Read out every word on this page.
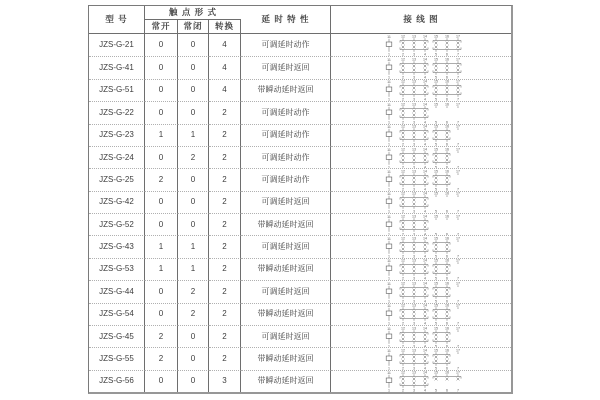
型 号
触 点 形 式
常开	常闭	转换
延 时 特 性	接 线 图
JZS-G-21	0	0	4	可调延时动作
11
1
12 13 14
2	3	4
15 16 17
5	6	7
JZS-G-41	0	0	4	可调延时返回
11
1
12 13 14
2	3	4
15 16 17
5	6	7
JZS-G-51	0	0	4	带瞬动延时返回
11
1
12 13 14
2	3	4
15 16 17
5	6	7
JZS-G-22	0	0	2	可调延时动作
11
1
12 13 14
2	3	4
15
5
16
6
17
7
JZS-G-23	1	1	2	可调延时动作
11
1
12 13 14
2	3	4
15 16
5	6
17
7
JZS-G-24	0	2	2	可调延时动作
11
1
12 13 14
2	3	4
15 16
5	6
17
7
JZS-G-25	2	0	2	可调延时动作
11
1
12 13 14
2	3	4
15 16
5	6
17
7
JZS-G-42	0	0	2	可调延时返回
11
1
12 13 14
2	3	4
15
5
16
6
17
7
JZS-G-52	0	0	2	带瞬动延时返回
11
1
12 13 14
2	3	4
15
5
16
6
17
7
JZS-G-43	1	1	2	可调延时返回
11
1
12 13 14
2	3	4
15 16
5	6
17
7
JZS-G-53	1	1	2	带瞬动延时返回
11
1
12 13 14
2	3	4
15 16
5	6
17
7
JZS-G-44	0	2	2	可调延时返回
11
1
12 13 14
2	3	4
15 16
5	6
17
7
JZS-G-54	0	2	2	带瞬动延时返回
11
1
12 13 14
2	3	4
15 16
5	6
17
7
JZS-G-45	2	0	2	可调延时返回
11
1
12 13 14
2	3	4
15 16
5	6
17
7
JZS-G-55	2	0	2	带瞬动延时返回
11
1
12 13 14
2	3	4
15 16
5	6
17
7
JZS-G-56	0	0	3	带瞬动延时返回
11
1
12 13 14
2	3	4
15 16 17
5	6	7
